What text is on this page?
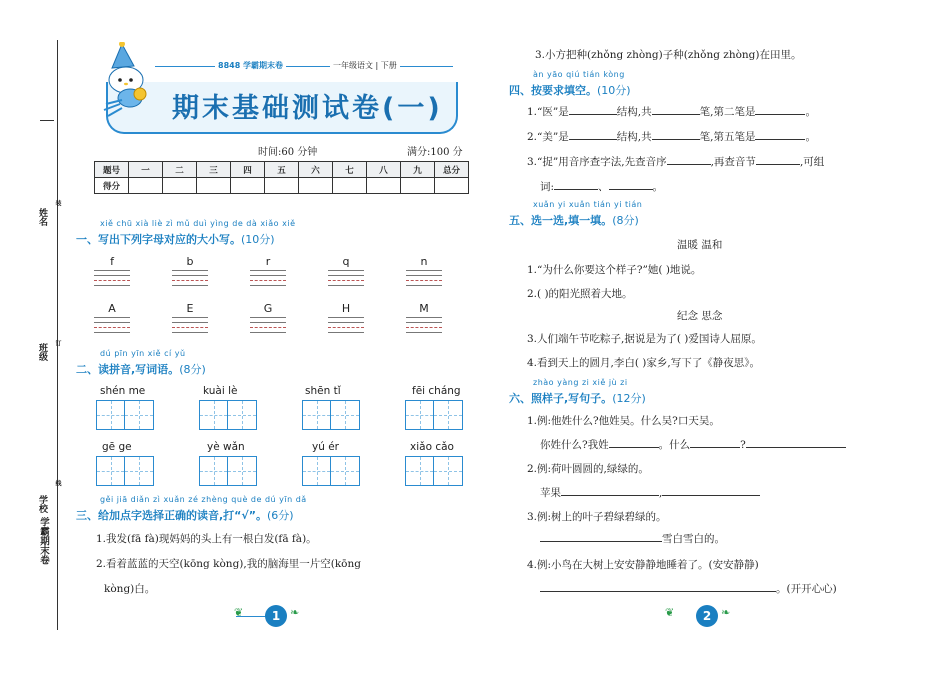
姓名
班级
学校
学霸期末卷
装
订
线
8848 学霸期末卷	一年级语文 | 下册
期末基础测试卷(一)
时间:60 分钟	满分:100 分
题号	一	二	三	四	五	六	七	八	九	总分
得分										
xiě chū xià liè zì mǔ duì yìng de dà xiǎo xiě
一、写出下列字母对应的大小写。(10分)
f	b	r	q	n
A	E	G	H	M
dú pīn yīn xiě cí yǔ
二、读拼音,写词语。(8分)
shén me	kuài lè	shēn tǐ	fēi cháng
gē ge	yè wǎn	yú ér	xiǎo cǎo
gěi jiā diǎn zì xuǎn zé zhèng què de dú yīn dǎ
三、给加点字选择正确的读音,打“√”。(6分)
1.我发(fā fà)现妈妈的头上有一根白发(fā fà)。
2.看着蓝蓝的天空(kōng kòng),我的脑海里一片空(kōng
kòng)白。
❦	1 ❧
3.小方把种(zhǒng zhòng)子种(zhǒng zhòng)在田里。
àn yāo qiú tián kòng
四、按要求填空。(10分)
1.“医”是	结构,共	笔,第二笔是	。
2.“美”是	结构,共	笔,第五笔是	。
3.“捉”用音序查字法,先查音序	,再查音节	,可组
词:	、	。
xuǎn yi xuǎn tián yi tián
五、选一选,填一填。(8分)
温暖 温和
1.“为什么你要这个样子?”她( )地说。
2.( )的阳光照着大地。
纪念 思念
3.人们端午节吃粽子,据说是为了( )爱国诗人屈原。
4.看到天上的圆月,李白( )家乡,写下了《静夜思》。
zhào yàng zi xiě jù zi
六、照样子,写句子。(12分)
1.例:他姓什么?他姓吴。什么吴?口天吴。
你姓什么?我姓	。什么	?
2.例:荷叶圆圆的,绿绿的。
苹果	,
3.例:树上的叶子碧绿碧绿的。
雪白雪白的。
4.例:小鸟在大树上安安静静地睡着了。(安安静静)
。(开开心心)
❦	2 ❧
